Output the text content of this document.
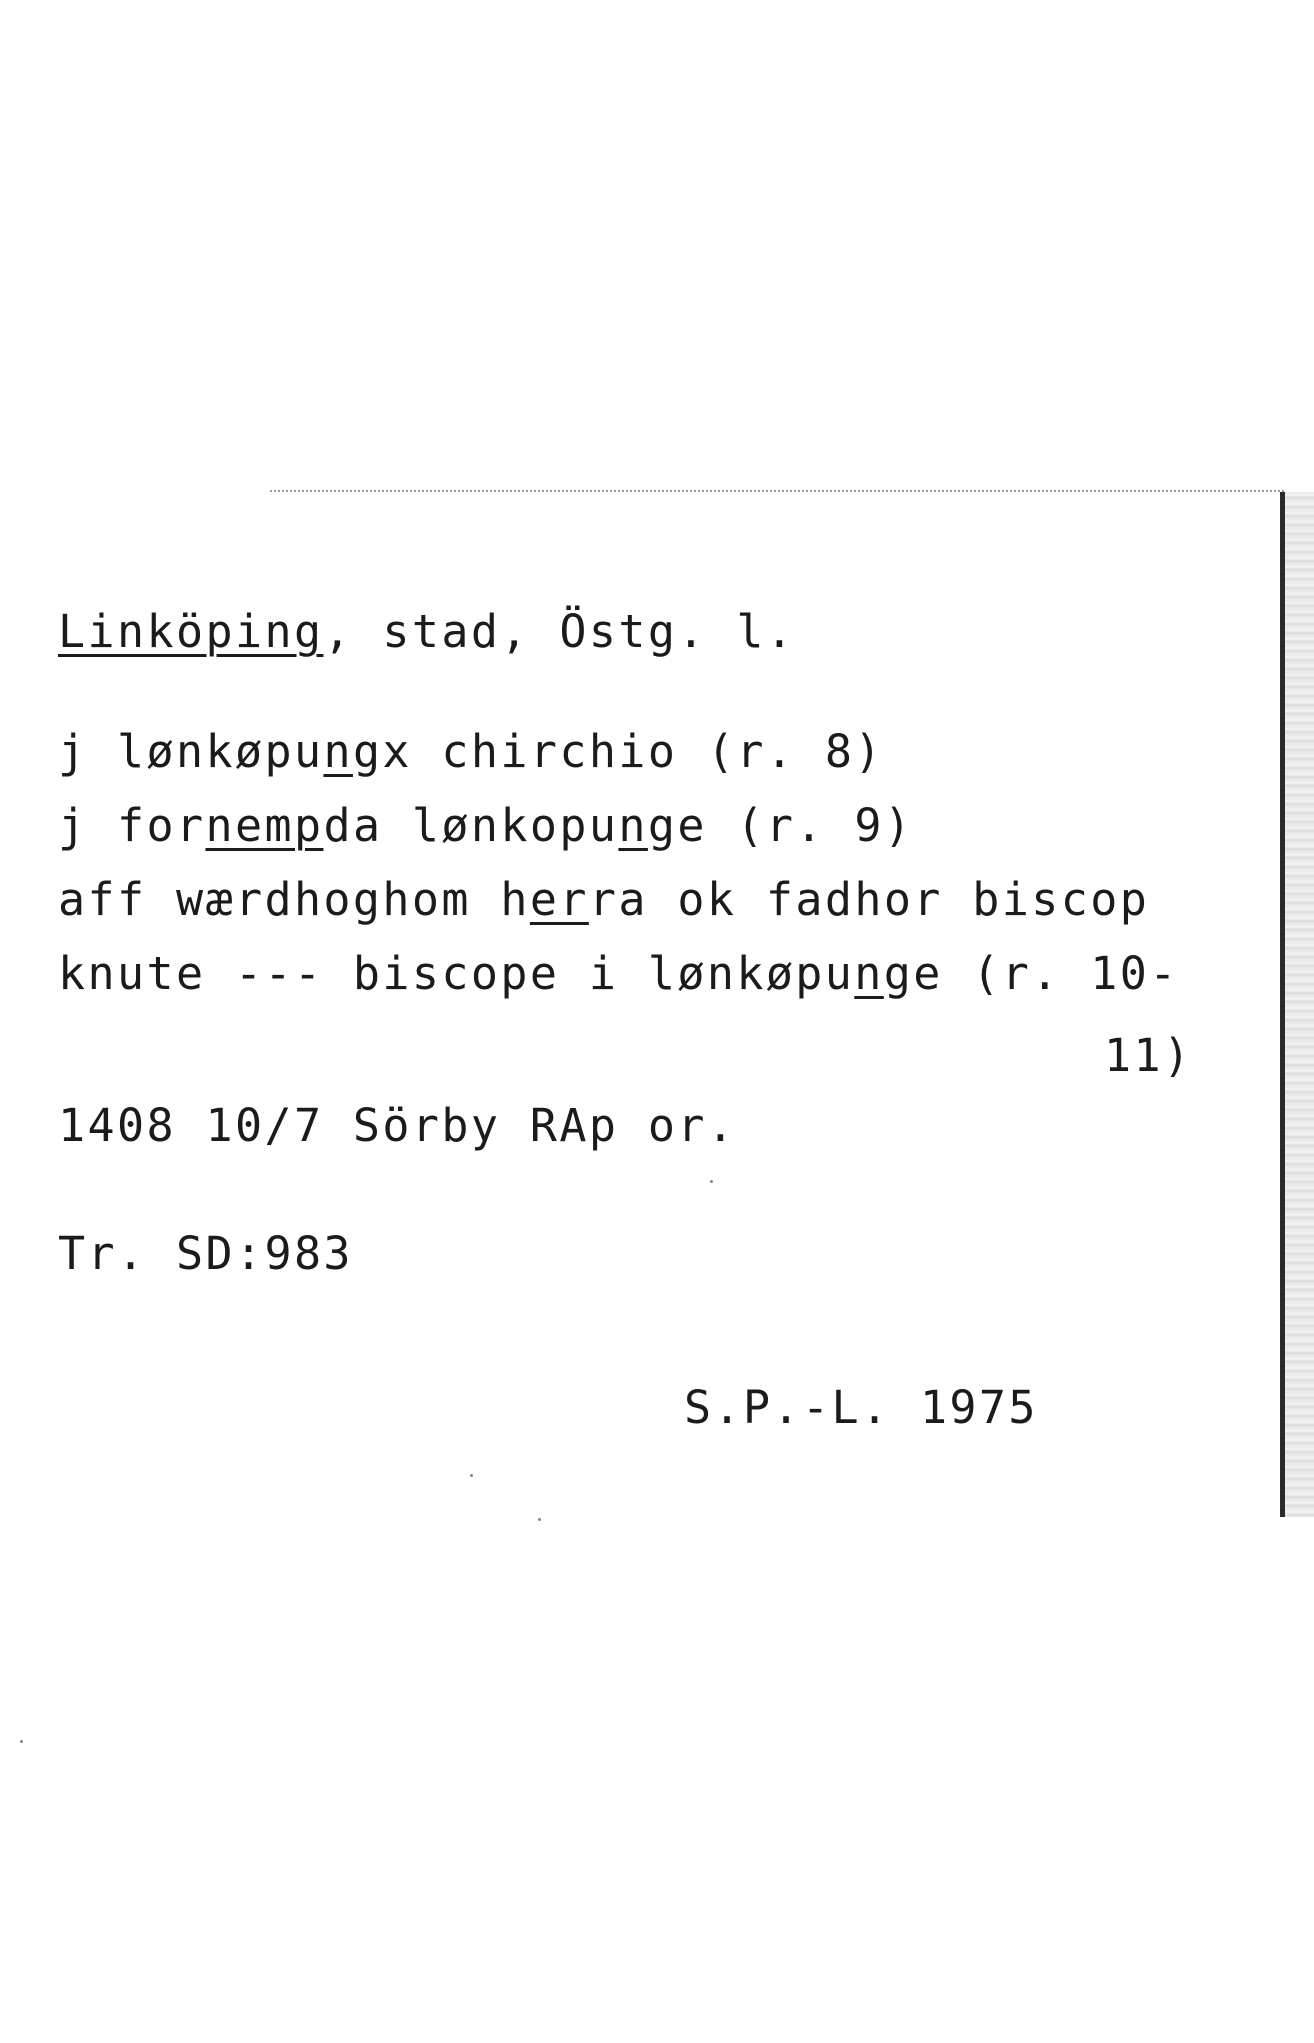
Linköping, stad, Östg. l.
j lønkøpungx chirchio (r. 8)
j fornempda lønkopunge (r. 9)
aff wærdhoghom herra ok fadhor biscop
knute --- biscope i lønkøpunge (r. 10-
11)
1408 10/7 Sörby RAp or.
Tr. SD:983
S.P.-L. 1975
